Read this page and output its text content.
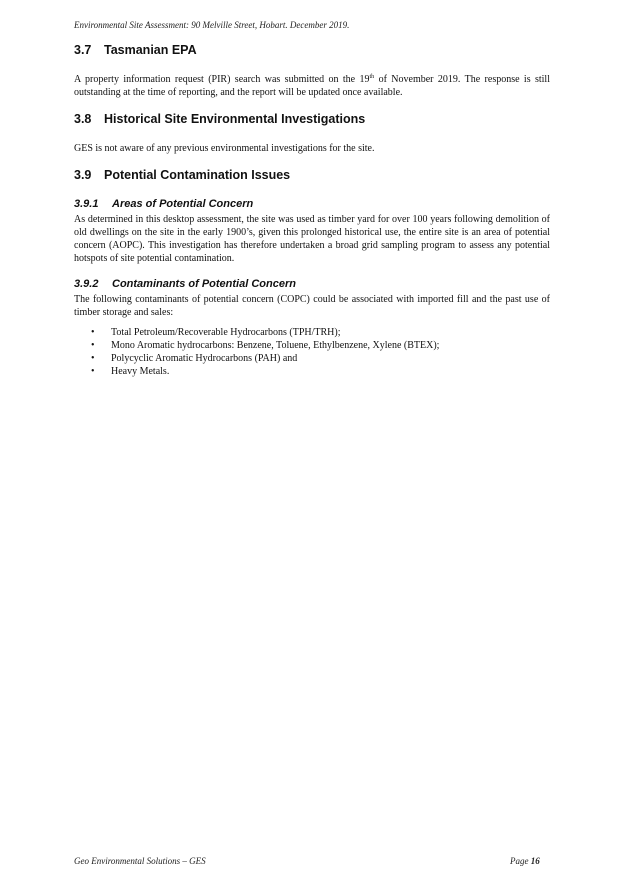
Environmental Site Assessment: 90 Melville Street, Hobart. December 2019.
3.7	Tasmanian EPA

A property information request (PIR) search was submitted on the 19th of November 2019. The response is still outstanding at the time of reporting, and the report will be updated once available.

3.8	Historical Site Environmental Investigations

GES is not aware of any previous environmental investigations for the site.

3.9	Potential Contamination Issues
3.9.1	Areas of Potential Concern

As determined in this desktop assessment, the site was used as timber yard for over 100 years following demolition of old dwellings on the site in the early 1900’s, given this prolonged historical use, the entire site is an area of potential concern (AOPC). This investigation has therefore undertaken a broad grid sampling program to assess any potential hotspots of site potential contamination.

3.9.2	Contaminants of Potential Concern

The following contaminants of potential concern (COPC) could be associated with imported fill and the past use of timber storage and sales:

• Total Petroleum/Recoverable Hydrocarbons (TPH/TRH);
• Mono Aromatic hydrocarbons: Benzene, Toluene, Ethylbenzene, Xylene (BTEX);
• Polycyclic Aromatic Hydrocarbons (PAH) and
• Heavy Metals.
Geo Environmental Solutions – GES	Page 16
